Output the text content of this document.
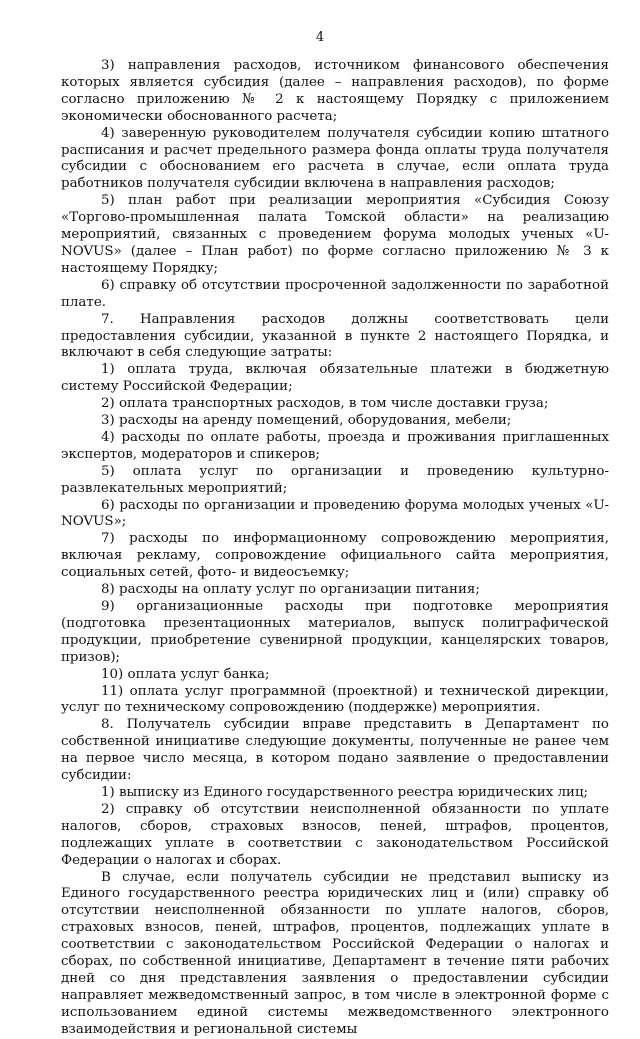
4

3) направления расходов, источником финансового обеспечения которых является субсидия (далее – направления расходов), по форме согласно приложению № 2 к настоящему Порядку с приложением экономически обоснованного расчета;

4) заверенную руководителем получателя субсидии копию штатного расписания и расчет предельного размера фонда оплаты труда получателя субсидии с обоснованием его расчета в случае, если оплата труда работников получателя субсидии включена в направления расходов;

5) план работ при реализации мероприятия «Субсидия Союзу «Торгово-промышленная палата Томской области» на реализацию мероприятий, связанных с проведением форума молодых ученых «U-NOVUS» (далее – План работ) по форме согласно приложению № 3 к настоящему Порядку;

6) справку об отсутствии просроченной задолженности по заработной плате.

7. Направления расходов должны соответствовать цели предоставления субсидии, указанной в пункте 2 настоящего Порядка, и включают в себя следующие затраты:

1) оплата труда, включая обязательные платежи в бюджетную систему Российской Федерации;

2) оплата транспортных расходов, в том числе доставки груза;

3) расходы на аренду помещений, оборудования, мебели;

4) расходы по оплате работы, проезда и проживания приглашенных экспертов, модераторов и спикеров;

5) оплата услуг по организации и проведению культурно-развлекательных мероприятий;

6) расходы по организации и проведению форума молодых ученых «U-NOVUS»;

7) расходы по информационному сопровождению мероприятия, включая рекламу, сопровождение официального сайта мероприятия, социальных сетей, фото- и видеосъемку;

8) расходы на оплату услуг по организации питания;

9) организационные расходы при подготовке мероприятия (подготовка презентационных материалов, выпуск полиграфической продукции, приобретение сувенирной продукции, канцелярских товаров, призов);

10) оплата услуг банка;

11) оплата услуг программной (проектной) и технической дирекции, услуг по техническому сопровождению (поддержке) мероприятия.

8. Получатель субсидии вправе представить в Департамент по собственной инициативе следующие документы, полученные не ранее чем на первое число месяца, в котором подано заявление о предоставлении субсидии:

1) выписку из Единого государственного реестра юридических лиц;

2) справку об отсутствии неисполненной обязанности по уплате налогов, сборов, страховых взносов, пеней, штрафов, процентов, подлежащих уплате в соответствии с законодательством Российской Федерации о налогах и сборах.

В случае, если получатель субсидии не представил выписку из Единого государственного реестра юридических лиц и (или) справку об отсутствии неисполненной обязанности по уплате налогов, сборов, страховых взносов, пеней, штрафов, процентов, подлежащих уплате в соответствии с законодательством Российской Федерации о налогах и сборах, по собственной инициативе, Департамент в течение пяти рабочих дней со дня представления заявления о предоставлении субсидии направляет межведомственный запрос, в том числе в электронной форме с использованием единой системы межведомственного электронного взаимодействия и региональной системы
